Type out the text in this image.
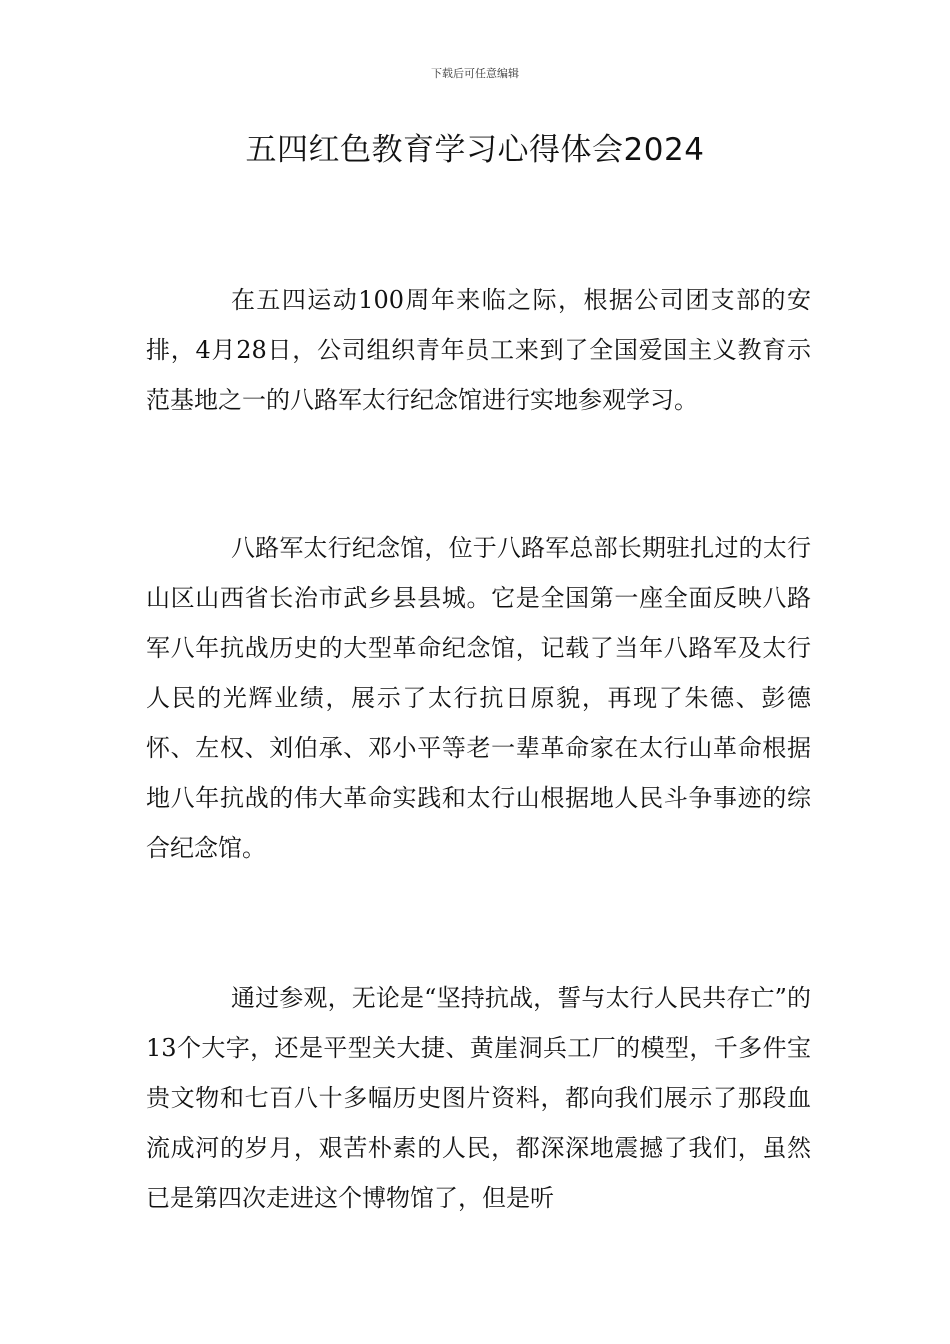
下载后可任意编辑
五四红色教育学习心得体会2024

在五四运动100周年来临之际，根据公司团支部的安排，4月28日，公司组织青年员工来到了全国爱国主义教育示范基地之一的八路军太行纪念馆进行实地参观学习。

八路军太行纪念馆，位于八路军总部长期驻扎过的太行山区山西省长治市武乡县县城。它是全国第一座全面反映八路军八年抗战历史的大型革命纪念馆，记载了当年八路军及太行人民的光辉业绩，展示了太行抗日原貌，再现了朱德、彭德怀、左权、刘伯承、邓小平等老一辈革命家在太行山革命根据地八年抗战的伟大革命实践和太行山根据地人民斗争事迹的综合纪念馆。

通过参观，无论是“坚持抗战，誓与太行人民共存亡”的13个大字，还是平型关大捷、黄崖洞兵工厂的模型，千多件宝贵文物和七百八十多幅历史图片资料，都向我们展示了那段血流成河的岁月，艰苦朴素的人民，都深深地震撼了我们，虽然已是第四次走进这个博物馆了，但是听
